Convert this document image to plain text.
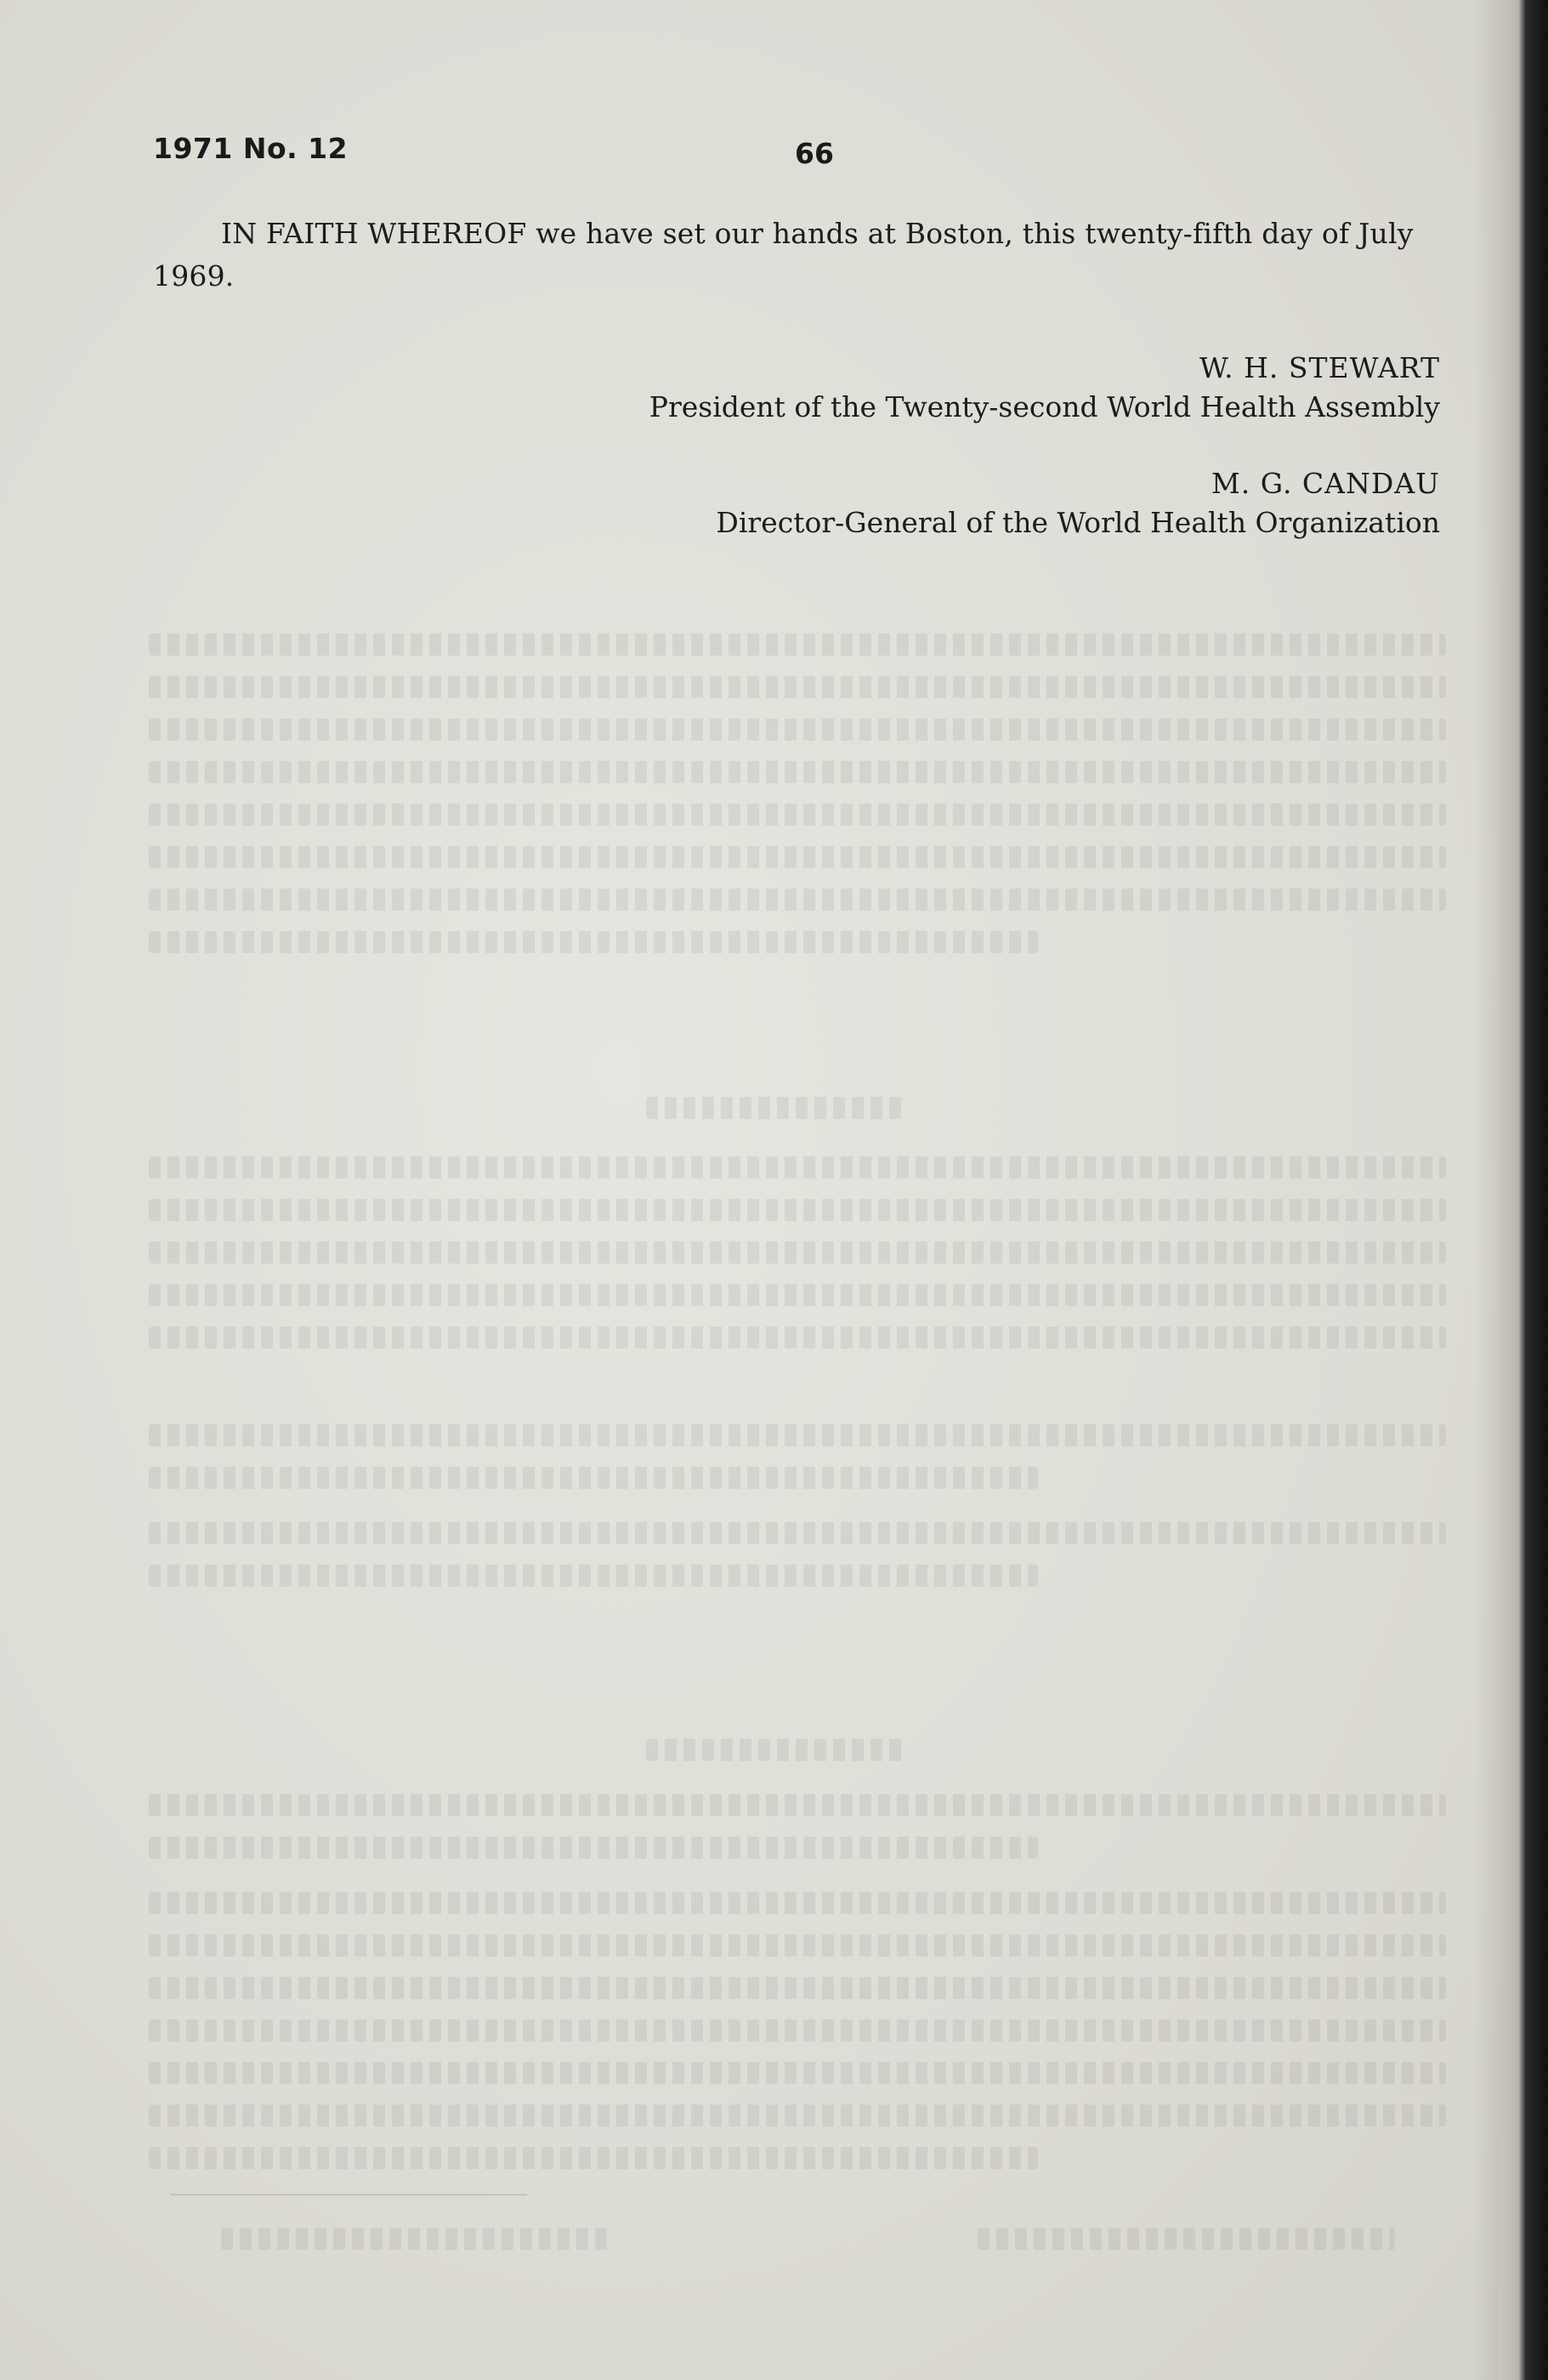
1971 No. 12	66

IN FAITH WHEREOF we have set our hands at Boston, this twenty-fifth day of July 1969.

W. H. STEWART
President of the Twenty-second World Health Assembly
M. G. CANDAU
Director-General of the World Health Organization
